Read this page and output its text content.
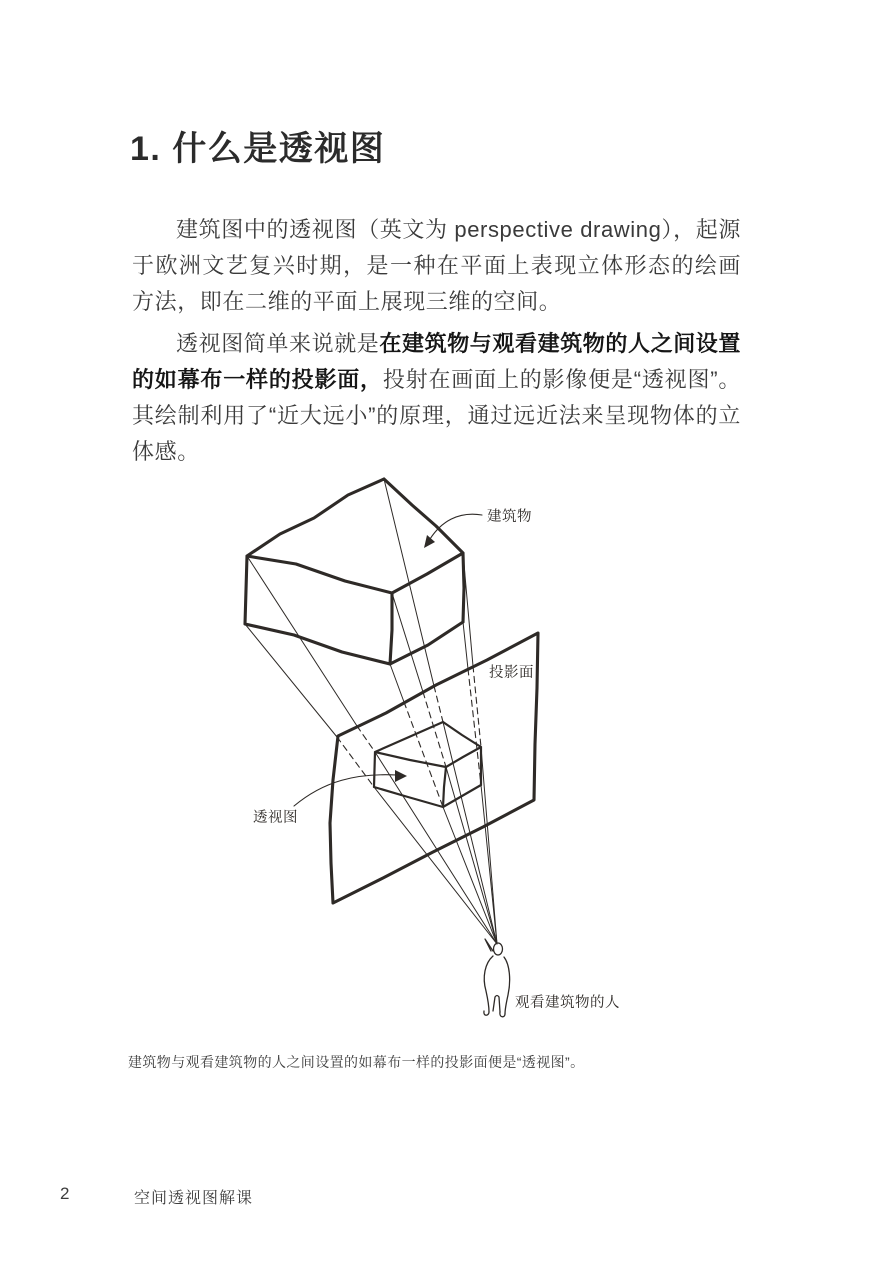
1. 什么是透视图

建筑图中的透视图（英文为 perspective drawing），起源于欧洲文艺复兴时期，是一种在平面上表现立体形态的绘画方法，即在二维的平面上展现三维的空间。

透视图简单来说就是在建筑物与观看建筑物的人之间设置的如幕布一样的投影面，投射在画面上的影像便是“透视图”。其绘制利用了“近大远小”的原理，通过远近法来呈现物体的立体感。

建筑物
投影面
透视图
观看建筑物的人
建筑物与观看建筑物的人之间设置的如幕布一样的投影面便是“透视图”。
2	空间透视图解课
